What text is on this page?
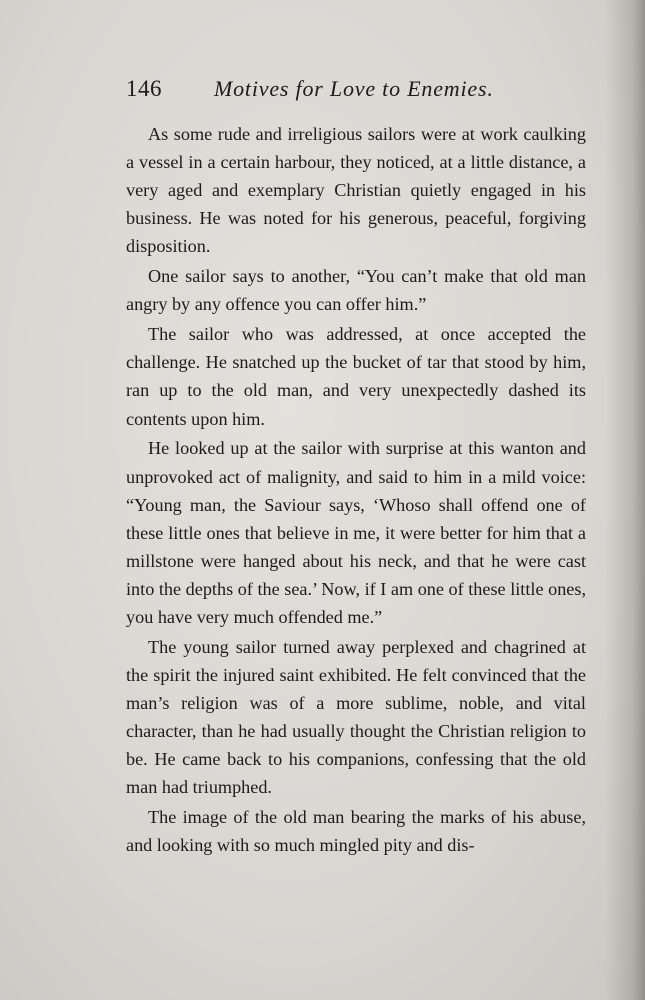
146 Motives for Love to Enemies.

As some rude and irreligious sailors were at work caulking a vessel in a certain harbour, they noticed, at a little distance, a very aged and exemplary Christian quietly engaged in his business. He was noted for his generous, peaceful, forgiving disposition.

One sailor says to another, “You can’t make that old man angry by any offence you can offer him.”

The sailor who was addressed, at once accepted the challenge. He snatched up the bucket of tar that stood by him, ran up to the old man, and very unexpectedly dashed its contents upon him.

He looked up at the sailor with surprise at this wanton and unprovoked act of malignity, and said to him in a mild voice: “Young man, the Saviour says, ‘Whoso shall offend one of these little ones that believe in me, it were better for him that a millstone were hanged about his neck, and that he were cast into the depths of the sea.’ Now, if I am one of these little ones, you have very much offended me.”

The young sailor turned away perplexed and chagrined at the spirit the injured saint exhibited. He felt convinced that the man’s religion was of a more sublime, noble, and vital character, than he had usually thought the Christian religion to be. He came back to his companions, confessing that the old man had triumphed.

The image of the old man bearing the marks of his abuse, and looking with so much mingled pity and dis-
